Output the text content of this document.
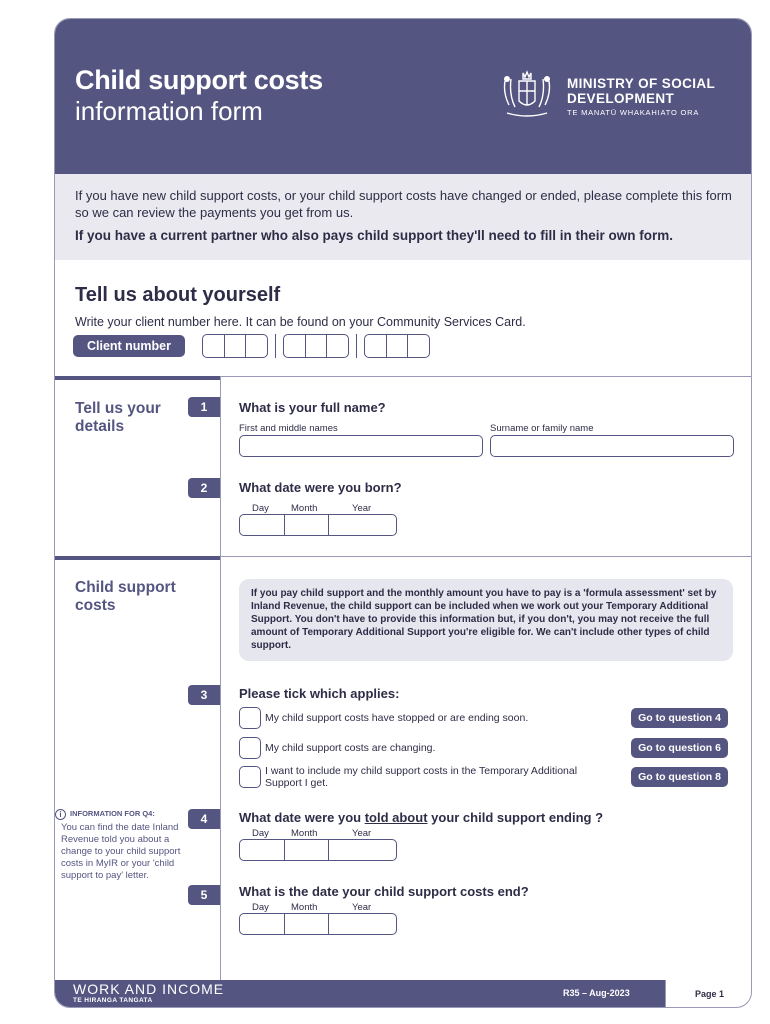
Child support costs
information form
MINISTRY OF SOCIAL
DEVELOPMENT
TE MANATŪ WHAKAHIATO ORA

If you have new child support costs, or your child support costs have changed or ended, please complete this form so we can review the payments you get from us.

If you have a current partner who also pays child support they'll need to fill in their own form.

Tell us about yourself
Write your client number here. It can be found on your Community Services Card.
Client number
Tell us your details
1	What is your full name?
First and middle names	Surname or family name
2	What date were you born?
Day Month	Year
Child support costs
If you pay child support and the monthly amount you have to pay is a 'formula assessment' set by Inland Revenue, the child support can be included when we work out your Temporary Additional Support. You don't have to provide this information but, if you don't, you may not receive the full amount of Temporary Additional Support you're eligible for. We can't include other types of child support.
3	Please tick which applies:
My child support costs have stopped or are ending soon.	Go to question 4
My child support costs are changing.	Go to question 6
I want to include my child support costs in the Temporary Additional Support I get.	Go to question 8
i	INFORMATION FOR Q4:

You can find the date Inland Revenue told you about a change to your child support costs in MyIR or your 'child support to pay' letter.

4	What date were you told about your child support ending ?
Day Month	Year
5	What is the date your child support costs end?
Day Month	Year
WORK AND INCOME
TE HIRANGA TANGATA
R35 – Aug-2023	Page 1
